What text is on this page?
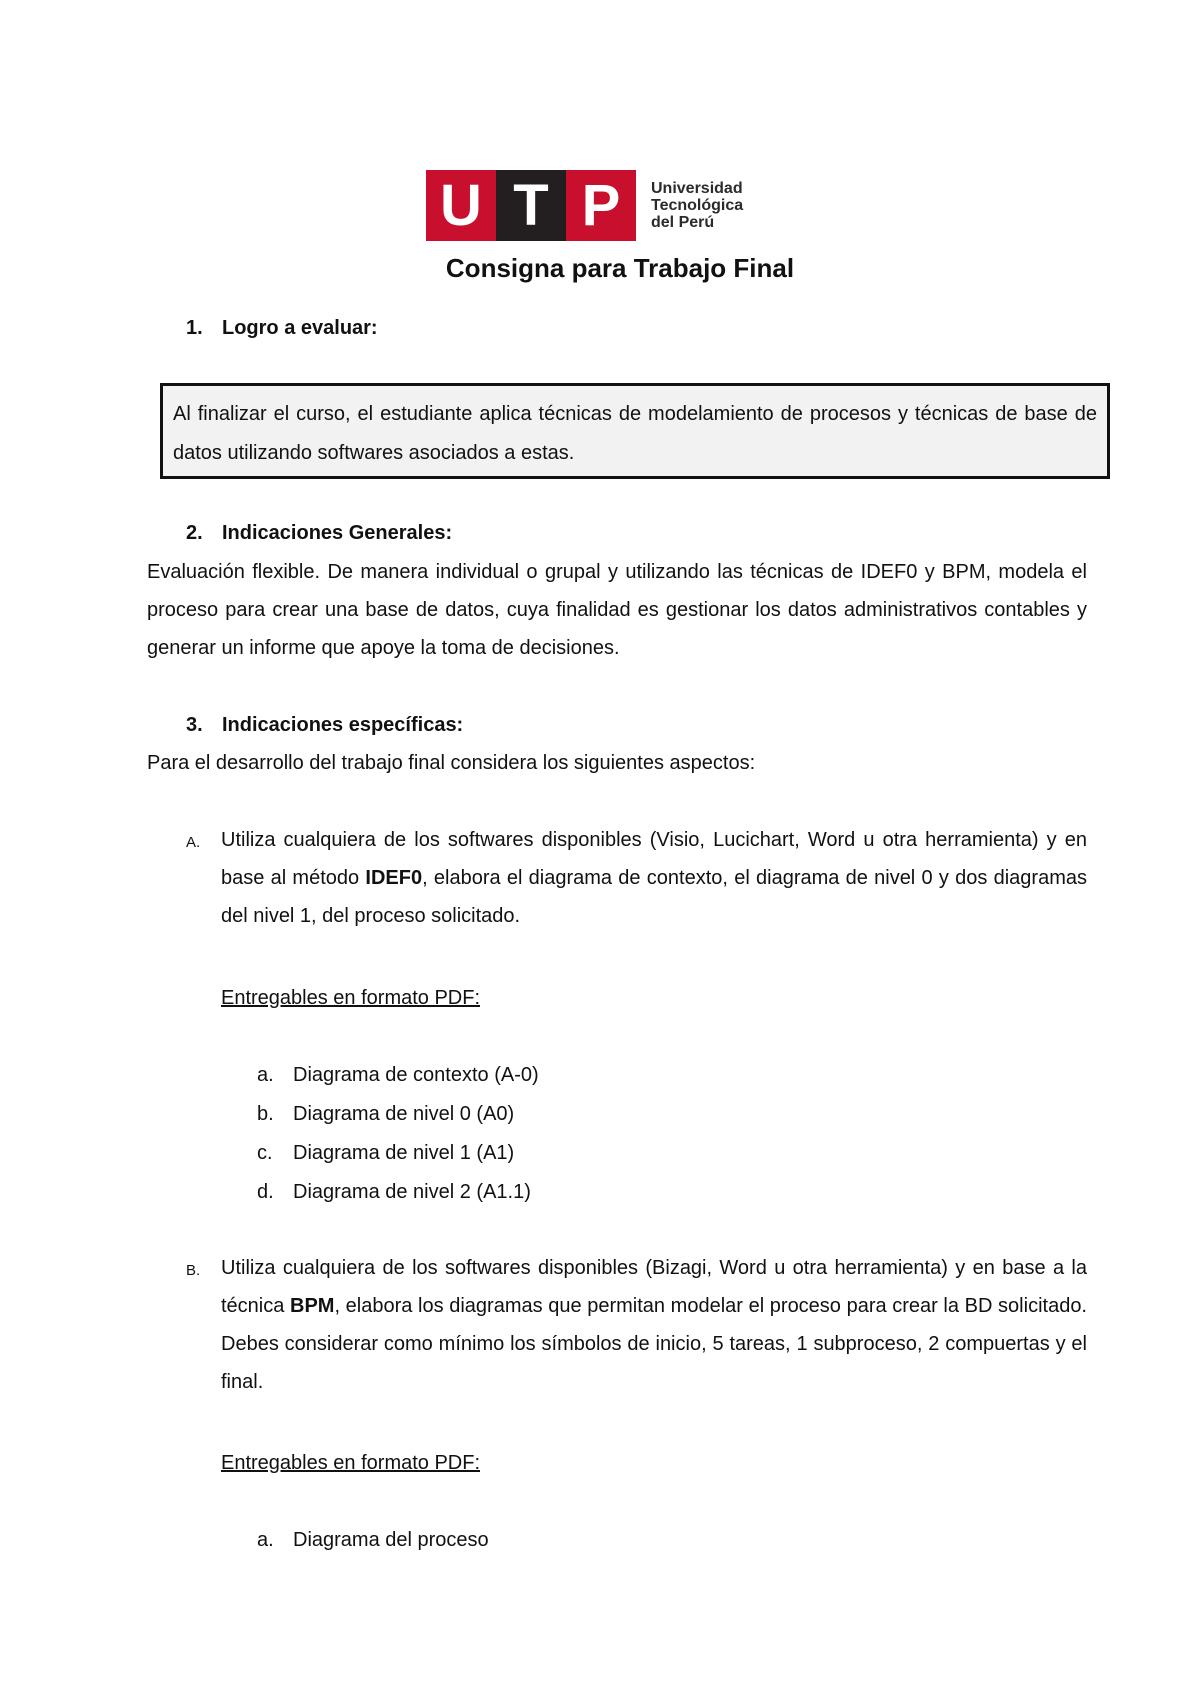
U T P	Universidad
Tecnológica
del Perú
Consigna para Trabajo Final
1. Logro a evaluar:
Al finalizar el curso, el estudiante aplica técnicas de modelamiento de procesos y técnicas de base de datos utilizando softwares asociados a estas.
2. Indicaciones Generales:
Evaluación flexible. De manera individual o grupal y utilizando las técnicas de IDEF0 y BPM, modela el proceso para crear una base de datos, cuya finalidad es gestionar los datos administrativos contables y generar un informe que apoye la toma de decisiones.
3. Indicaciones específicas:
Para el desarrollo del trabajo final considera los siguientes aspectos:
A. Utiliza cualquiera de los softwares disponibles (Visio, Lucichart, Word u otra herramienta) y en base al método IDEF0, elabora el diagrama de contexto, el diagrama de nivel 0 y dos diagramas del nivel 1, del proceso solicitado.
Entregables en formato PDF:
a. Diagrama de contexto (A-0)
b. Diagrama de nivel 0 (A0)
c. Diagrama de nivel 1 (A1)
d. Diagrama de nivel 2 (A1.1)
B. Utiliza cualquiera de los softwares disponibles (Bizagi, Word u otra herramienta) y en base a la técnica BPM, elabora los diagramas que permitan modelar el proceso para crear la BD solicitado. Debes considerar como mínimo los símbolos de inicio, 5 tareas, 1 subproceso, 2 compuertas y el final.
Entregables en formato PDF:
a. Diagrama del proceso
